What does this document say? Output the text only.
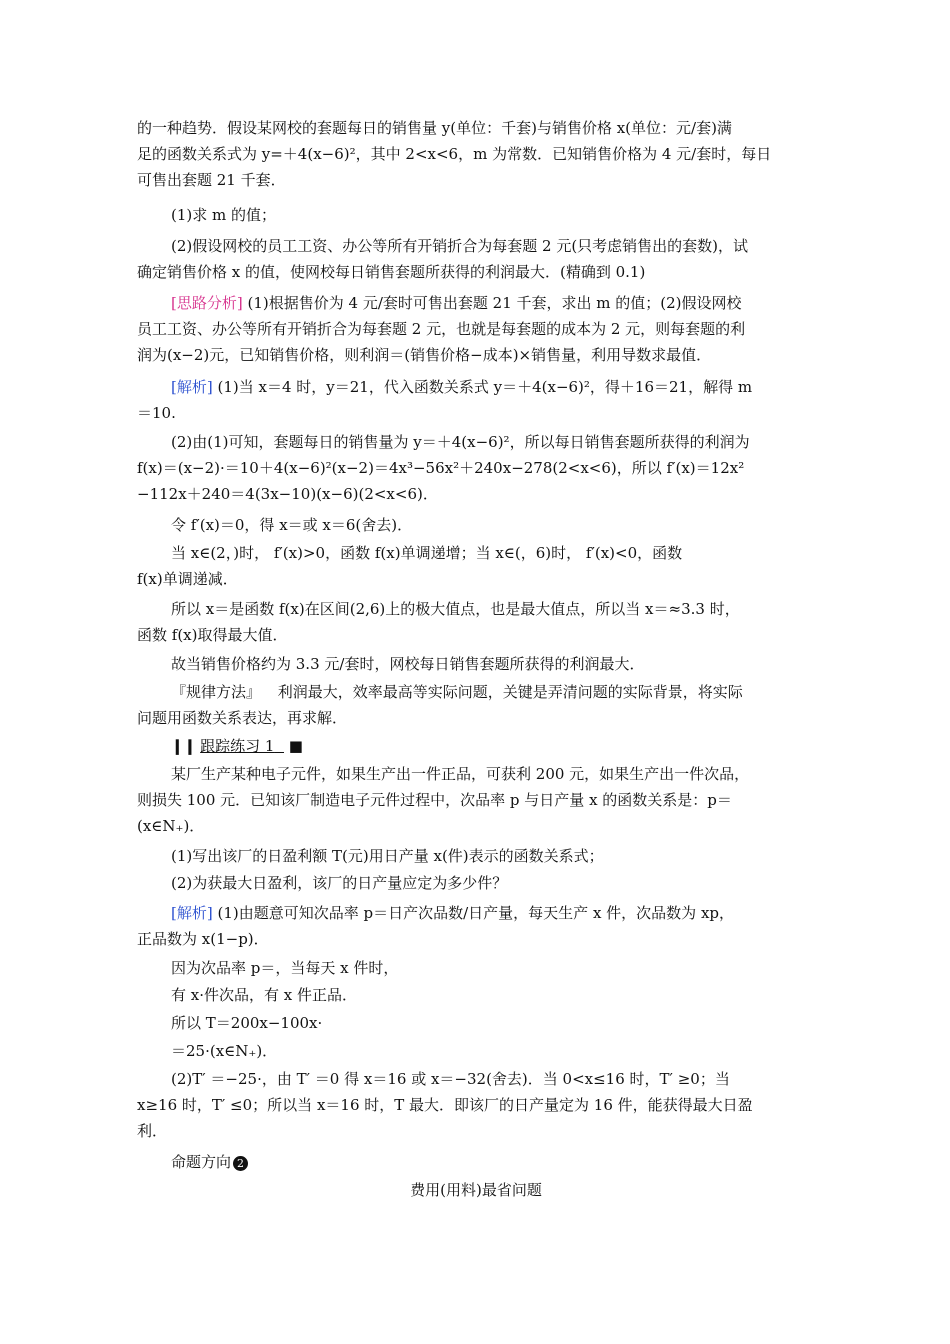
的一种趋势．假设某网校的套题每日的销售量 y(单位：千套)与销售价格 x(单位：元/套)满
足的函数关系式为 y=＋4(x−6)²，其中 2<x<6，m 为常数．已知销售价格为 4 元/套时，每日
可售出套题 21 千套．
(1)求 m 的值；
(2)假设网校的员工工资、办公等所有开销折合为每套题 2 元(只考虑销售出的套数)，试
确定销售价格 x 的值，使网校每日销售套题所获得的利润最大．(精确到 0.1)
[思路分析] (1)根据售价为 4 元/套时可售出套题 21 千套，求出 m 的值；(2)假设网校
员工工资、办公等所有开销折合为每套题 2 元，也就是每套题的成本为 2 元，则每套题的利
润为(x−2)元，已知销售价格，则利润＝(销售价格−成本)×销售量，利用导数求最值．
[解析] (1)当 x＝4 时，y＝21，代入函数关系式 y＝＋4(x−6)²，得＋16＝21，解得 m
＝10.
(2)由(1)可知，套题每日的销售量为 y＝＋4(x−6)²，所以每日销售套题所获得的利润为
f(x)＝(x−2)·＝10＋4(x−6)²(x−2)＝4x³−56x²＋240x−278(2<x<6)，所以 f′(x)＝12x²
−112x＋240＝4(3x−10)(x−6)(2<x<6)．
令 f′(x)＝0，得 x＝或 x＝6(舍去)．
当 x∈(2，)时， f′(x)>0，函数 f(x)单调递增；当 x∈(，6)时， f′(x)<0，函数
f(x)单调递减．
所以 x＝是函数 f(x)在区间(2,6)上的极大值点，也是最大值点，所以当 x＝≈3.3 时，
函数 f(x)取得最大值．
故当销售价格约为 3.3 元/套时，网校每日销售套题所获得的利润最大．
『规律方法』 利润最大，效率最高等实际问题，关键是弄清问题的实际背景，将实际
问题用函数关系表达，再求解．
❙❙ 跟踪练习 1   ■
某厂生产某种电子元件，如果生产出一件正品，可获利 200 元，如果生产出一件次品，
则损失 100 元．已知该厂制造电子元件过程中，次品率 p 与日产量 x 的函数关系是：p＝
(x∈N₊)．
(1)写出该厂的日盈利额 T(元)用日产量 x(件)表示的函数关系式；
(2)为获最大日盈利，该厂的日产量应定为多少件？
[解析] (1)由题意可知次品率 p＝日产次品数/日产量，每天生产 x 件，次品数为 xp，
正品数为 x(1−p)．
因为次品率 p＝，当每天 x 件时，
有 x·件次品，有 x 件正品．
所以 T＝200x−100x·
＝25·(x∈N₊)．
(2)T′ ＝−25·，由 T′ ＝0 得 x＝16 或 x＝−32(舍去)．当 0<x≤16 时，T′ ≥0；当
x≥16 时，T′ ≤0；所以当 x＝16 时，T 最大．即该厂的日产量定为 16 件，能获得最大日盈
利．
命题方向 2
费用(用料)最省问题
